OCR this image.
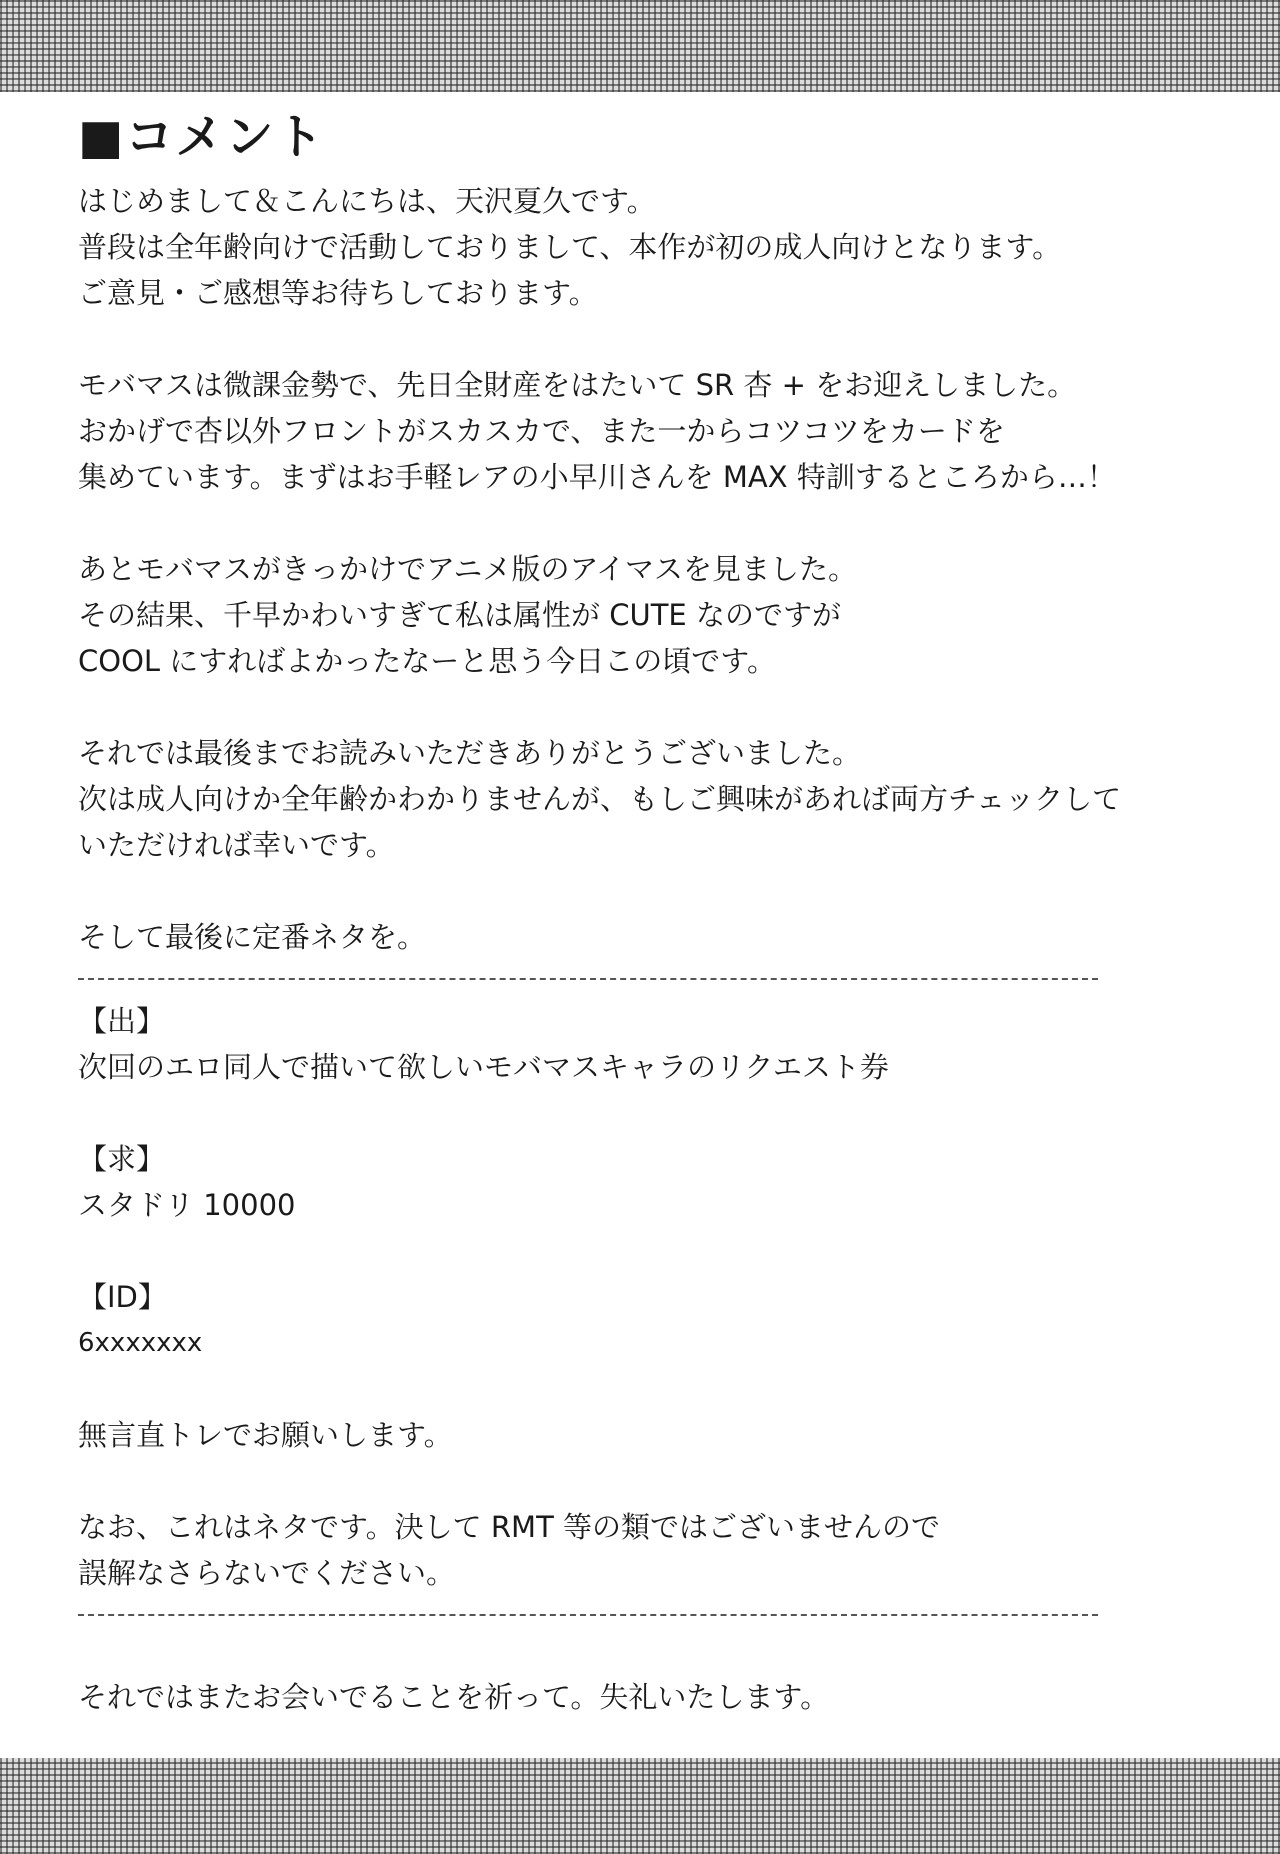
■コメント
はじめまして＆こんにちは、天沢夏久です。
普段は全年齢向けで活動しておりまして、本作が初の成人向けとなります。
ご意見・ご感想等お待ちしております。
モバマスは微課金勢で、先日全財産をはたいて SR 杏 + をお迎えしました。
おかげで杏以外フロントがスカスカで、また一からコツコツをカードを
集めています。まずはお手軽レアの小早川さんを MAX 特訓するところから…！
あとモバマスがきっかけでアニメ版のアイマスを見ました。
その結果、千早かわいすぎて私は属性が CUTE なのですが
COOL にすればよかったなーと思う今日この頃です。
それでは最後までお読みいただきありがとうございました。
次は成人向けか全年齢かわかりませんが、もしご興味があれば両方チェックして
いただければ幸いです。
そして最後に定番ネタを。
【出】
次回のエロ同人で描いて欲しいモバマスキャラのリクエスト券
【求】
スタドリ 10000
【ID】
6xxxxxxx
無言直トレでお願いします。
なお、これはネタです。決して RMT 等の類ではございませんので
誤解なさらないでください。
それではまたお会いでることを祈って。失礼いたします。
